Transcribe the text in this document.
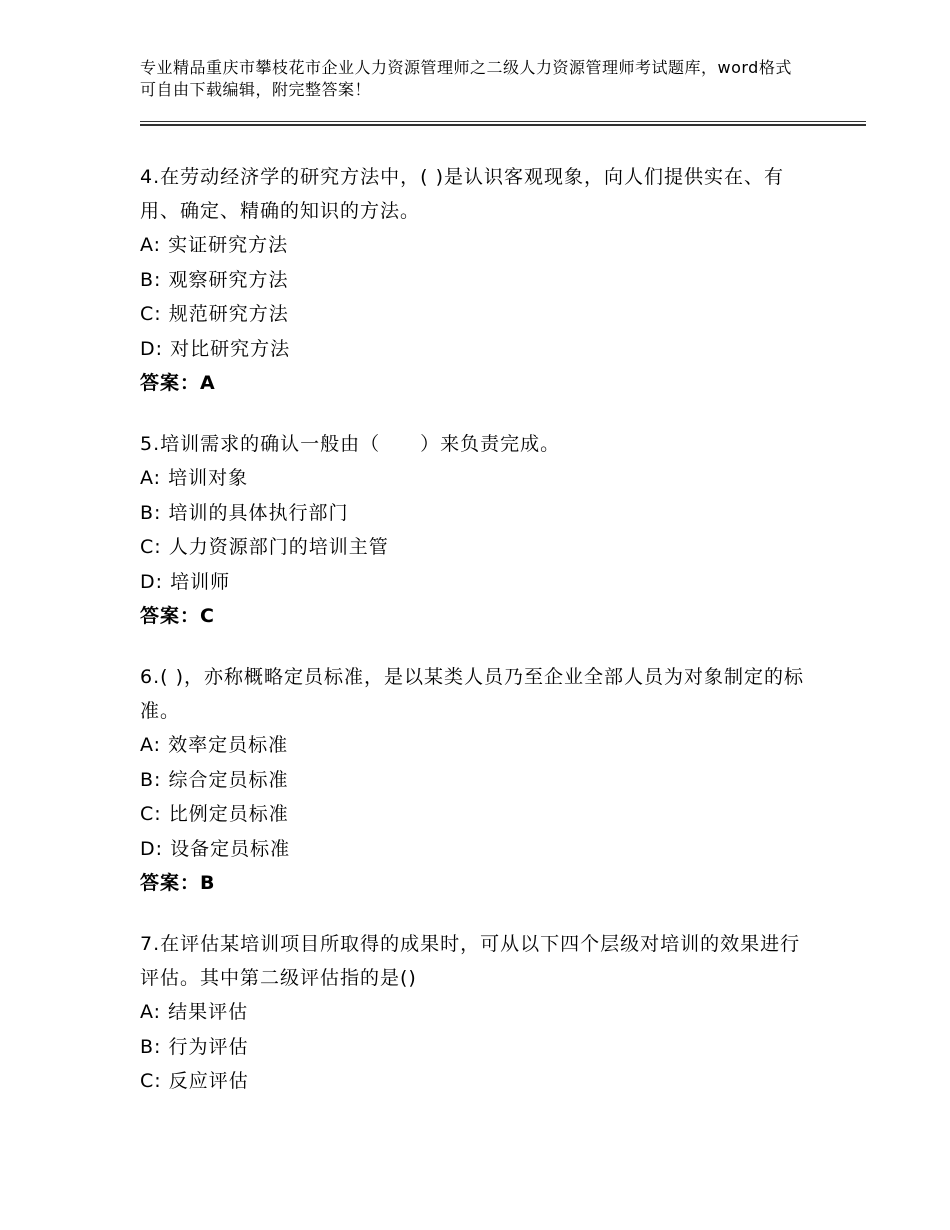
专业精品重庆市攀枝花市企业人力资源管理师之二级人力资源管理师考试题库，word格式可自由下载编辑，附完整答案！
4.在劳动经济学的研究方法中，( )是认识客观现象，向人们提供实在、有用、确定、精确的知识的方法。
A: 实证研究方法
B: 观察研究方法
C: 规范研究方法
D: 对比研究方法
答案：A
5.培训需求的确认一般由（　　）来负责完成。
A: 培训对象
B: 培训的具体执行部门
C: 人力资源部门的培训主管
D: 培训师
答案：C
6.( )，亦称概略定员标准，是以某类人员乃至企业全部人员为对象制定的标准。
A: 效率定员标准
B: 综合定员标准
C: 比例定员标准
D: 设备定员标准
答案：B
7.在评估某培训项目所取得的成果时，可从以下四个层级对培训的效果进行评估。其中第二级评估指的是()
A: 结果评估
B: 行为评估
C: 反应评估
